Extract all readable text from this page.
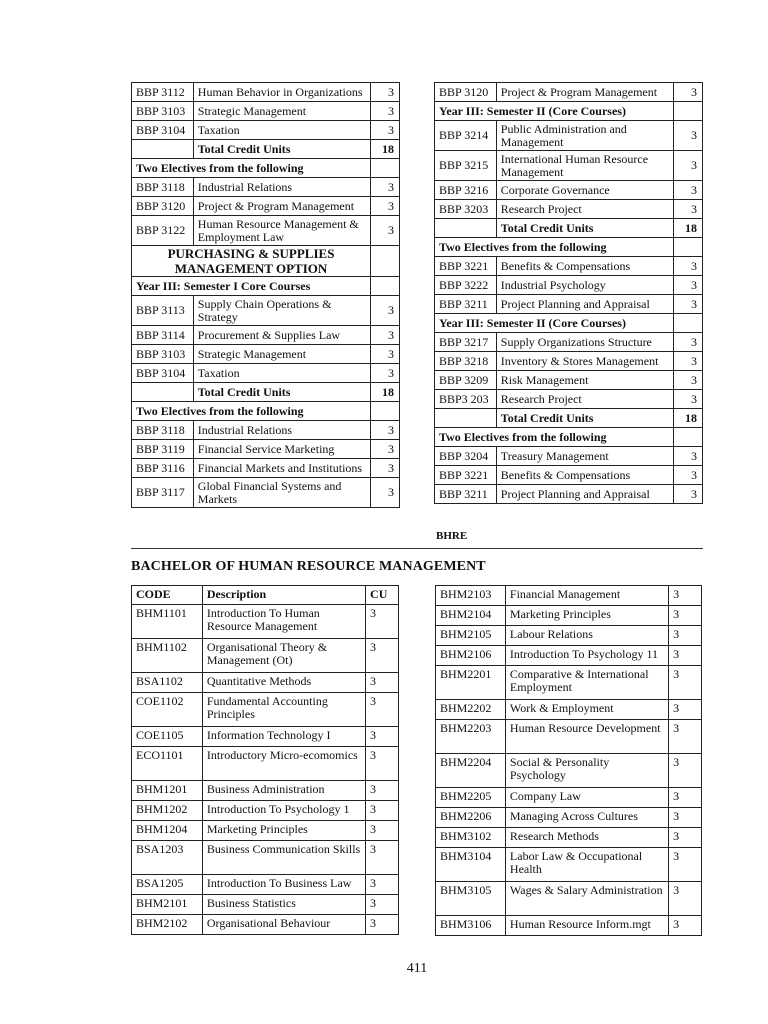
BBP 3112	Human Behavior in Organizations	3
BBP 3103	Strategic Management	3
BBP 3104	Taxation	3
	Total Credit Units	18
Two Electives from the following		
BBP 3118	Industrial Relations	3
BBP 3120	Project & Program Management	3
BBP 3122	Human Resource Management & Employment Law	3
PURCHASING & SUPPLIES MANAGEMENT OPTION		
Year III: Semester I Core Courses		
BBP 3113	Supply Chain Operations & Strategy	3
BBP 3114	Procurement & Supplies Law	3
BBP 3103	Strategic Management	3
BBP 3104	Taxation	3
	Total Credit Units	18
Two Electives from the following		
BBP 3118	Industrial Relations	3
BBP 3119	Financial Service Marketing	3
BBP 3116	Financial Markets and Institutions	3
BBP 3117	Global Financial Systems and Markets	3
BBP 3120	Project & Program Management	3
Year III: Semester II (Core Courses)		
BBP 3214	Public Administration and Management	3
BBP 3215	International Human Resource Management	3
BBP 3216	Corporate Governance	3
BBP 3203	Research Project	3
	Total Credit Units	18
Two Electives from the following		
BBP 3221	Benefits & Compensations	3
BBP 3222	Industrial Psychology	3
BBP 3211	Project Planning and Appraisal	3
Year III: Semester II (Core Courses)		
BBP 3217	Supply Organizations Structure	3
BBP 3218	Inventory & Stores Management	3
BBP 3209	Risk Management	3
BBP3 203	Research Project	3
	Total Credit Units	18
Two Electives from the following		
BBP 3204	Treasury Management	3
BBP 3221	Benefits & Compensations	3
BBP 3211	Project Planning and Appraisal	3
BHRE
BACHELOR OF HUMAN RESOURCE MANAGEMENT
CODE	Description	CU
BHM1101	Introduction To Human Resource Management	3
BHM1102	Organisational Theory & Management (Ot)	3
BSA1102	Quantitative Methods	3
COE1102	Fundamental Accounting Principles	3
COE1105	Information Technology I	3
ECO1101	Introductory Micro-ecomomics	3
BHM1201	Business Administration	3
BHM1202	Introduction To Psychology 1	3
BHM1204	Marketing Principles	3
BSA1203	Business Communication Skills	3
BSA1205	Introduction To Business Law	3
BHM2101	Business Statistics	3
BHM2102	Organisational Behaviour	3
BHM2103	Financial Management	3
BHM2104	Marketing Principles	3
BHM2105	Labour Relations	3
BHM2106	Introduction To Psychology 11	3
BHM2201	Comparative & International Employment	3
BHM2202	Work & Employment	3
BHM2203	Human Resource Development	3
BHM2204	Social & Personality Psychology	3
BHM2205	Company Law	3
BHM2206	Managing Across Cultures	3
BHM3102	Research Methods	3
BHM3104	Labor Law & Occupational Health	3
BHM3105	Wages & Salary Administration	3
BHM3106	Human Resource Inform.mgt	3
411
